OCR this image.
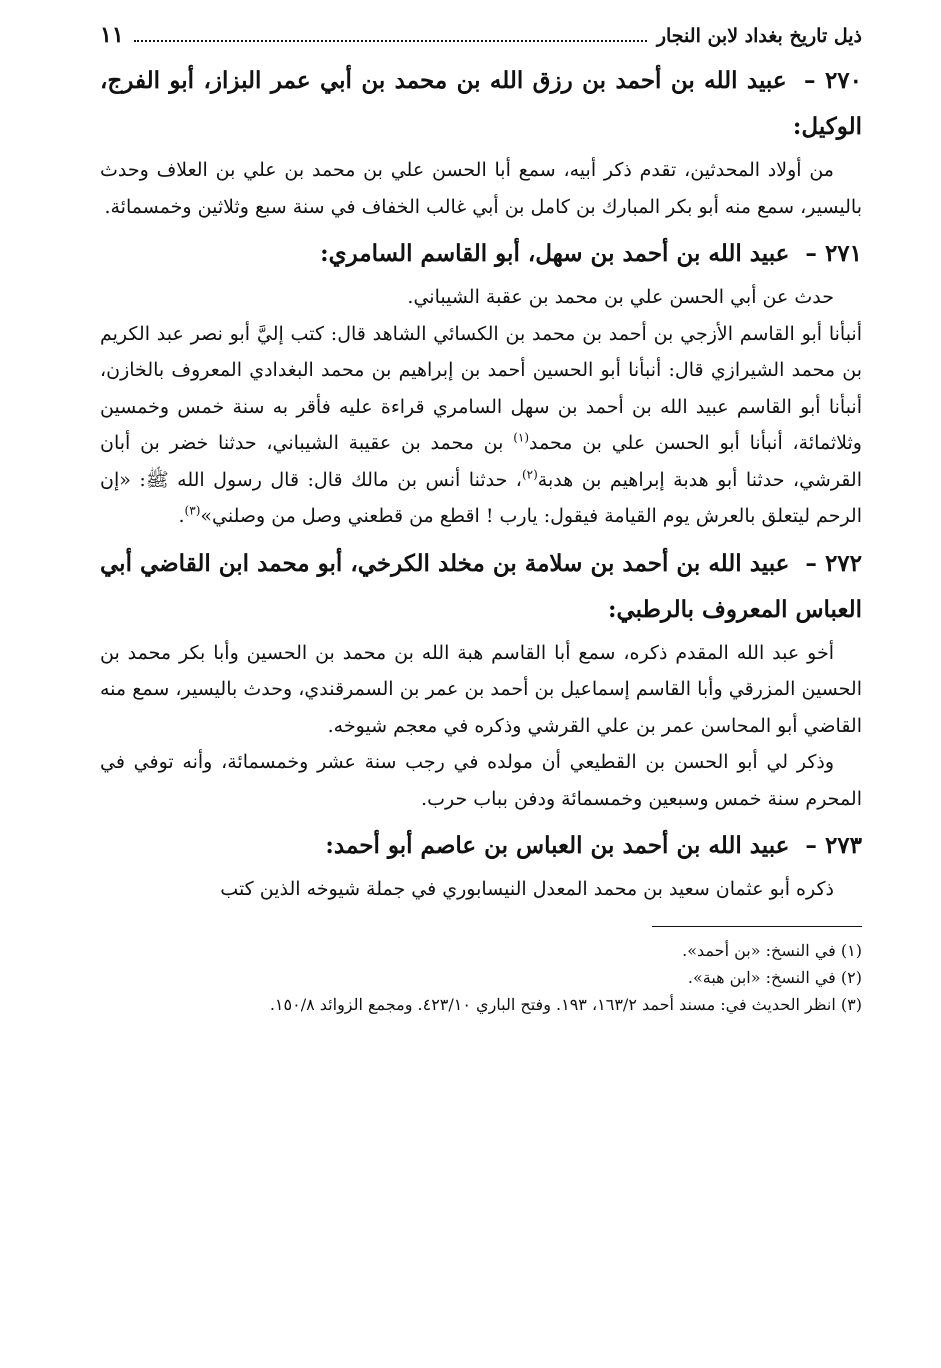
ذيل تاريخ بغداد لابن النجار
١١
٢٧٠ – عبيد الله بن أحمد بن رزق الله بن محمد بن أبي عمر البزاز، أبو الفرج، الوكيل:

من أولاد المحدثين، تقدم ذكر أبيه، سمع أبا الحسن علي بن محمد بن علي بن العلاف وحدث باليسير، سمع منه أبو بكر المبارك بن كامل بن أبي غالب الخفاف في سنة سبع وثلاثين وخمسمائة.

٢٧١ – عبيد الله بن أحمد بن سهل، أبو القاسم السامري:

حدث عن أبي الحسن علي بن محمد بن عقبة الشيباني.

أنبأنا أبو القاسم الأزجي بن أحمد بن محمد بن الكسائي الشاهد قال: كتب إليَّ أبو نصر عبد الكريم بن محمد الشيرازي قال: أنبأنا أبو الحسين أحمد بن إبراهيم بن محمد البغدادي المعروف بالخازن، أنبأنا أبو القاسم عبيد الله بن أحمد بن سهل السامري قراءة عليه فأقر به سنة خمس وخمسين وثلاثمائة، أنبأنا أبو الحسن علي بن محمد$^{(١)}$ بن محمد بن عقيبة الشيباني، حدثنا خضر بن أبان القرشي، حدثنا أبو هدبة إبراهيم بن هدبة$^{(٢)}$، حدثنا أنس بن مالك قال: قال رسول الله ﷺ: «إن الرحم ليتعلق بالعرش يوم القيامة فيقول: يارب ! اقطع من قطعني وصل من وصلني»$^{(٣)}$.

٢٧٢ – عبيد الله بن أحمد بن سلامة بن مخلد الكرخي، أبو محمد ابن القاضي أبي العباس المعروف بالرطبي:

أخو عبد الله المقدم ذكره، سمع أبا القاسم هبة الله بن محمد بن الحسين وأبا بكر محمد بن الحسين المزرقي وأبا القاسم إسماعيل بن أحمد بن عمر بن السمرقندي، وحدث باليسير، سمع منه القاضي أبو المحاسن عمر بن علي القرشي وذكره في معجم شيوخه.

وذكر لي أبو الحسن بن القطيعي أن مولده في رجب سنة عشر وخمسمائة، وأنه توفي في المحرم سنة خمس وسبعين وخمسمائة ودفن بباب حرب.

٢٧٣ – عبيد الله بن أحمد بن العباس بن عاصم أبو أحمد:

ذكره أبو عثمان سعيد بن محمد المعدل النيسابوري في جملة شيوخه الذين كتب

(١) في النسخ: «بن أحمد».

(٢) في النسخ: «ابن هبة».

(٣) انظر الحديث في: مسند أحمد ١٦٣/٢، ١٩٣. وفتح الباري ٤٢٣/١٠. ومجمع الزوائد ١٥٠/٨.
